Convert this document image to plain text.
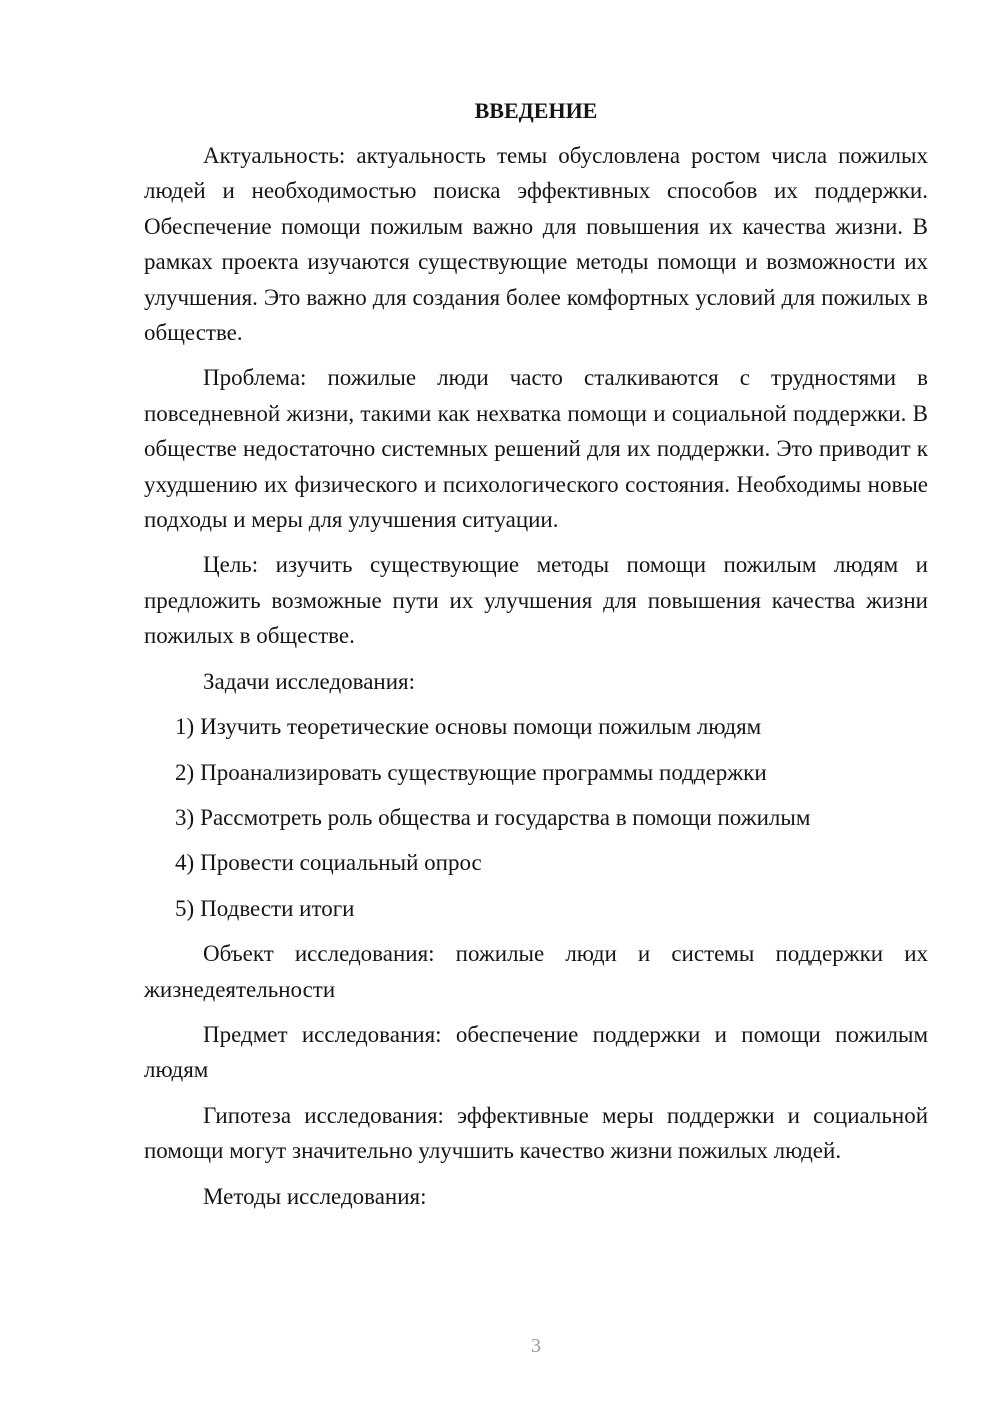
ВВЕДЕНИЕ

Актуальность: актуальность темы обусловлена ростом числа пожилых людей и необходимостью поиска эффективных способов их поддержки. Обеспечение помощи пожилым важно для повышения их качества жизни. В рамках проекта изучаются существующие методы помощи и возможности их улучшения. Это важно для создания более комфортных условий для пожилых в обществе.

Проблема: пожилые люди часто сталкиваются с трудностями в повседневной жизни, такими как нехватка помощи и социальной поддержки. В обществе недостаточно системных решений для их поддержки. Это приводит к ухудшению их физического и психологического состояния. Необходимы новые подходы и меры для улучшения ситуации.

Цель: изучить существующие методы помощи пожилым людям и предложить возможные пути их улучшения для повышения качества жизни пожилых в обществе.

Задачи исследования:

1) Изучить теоретические основы помощи пожилым людям
2) Проанализировать существующие программы поддержки
3) Рассмотреть роль общества и государства в помощи пожилым
4) Провести социальный опрос
5) Подвести итоги

Объект исследования: пожилые люди и системы поддержки их жизнедеятельности

Предмет исследования: обеспечение поддержки и помощи пожилым людям

Гипотеза исследования: эффективные меры поддержки и социальной помощи могут значительно улучшить качество жизни пожилых людей.

Методы исследования:

3
